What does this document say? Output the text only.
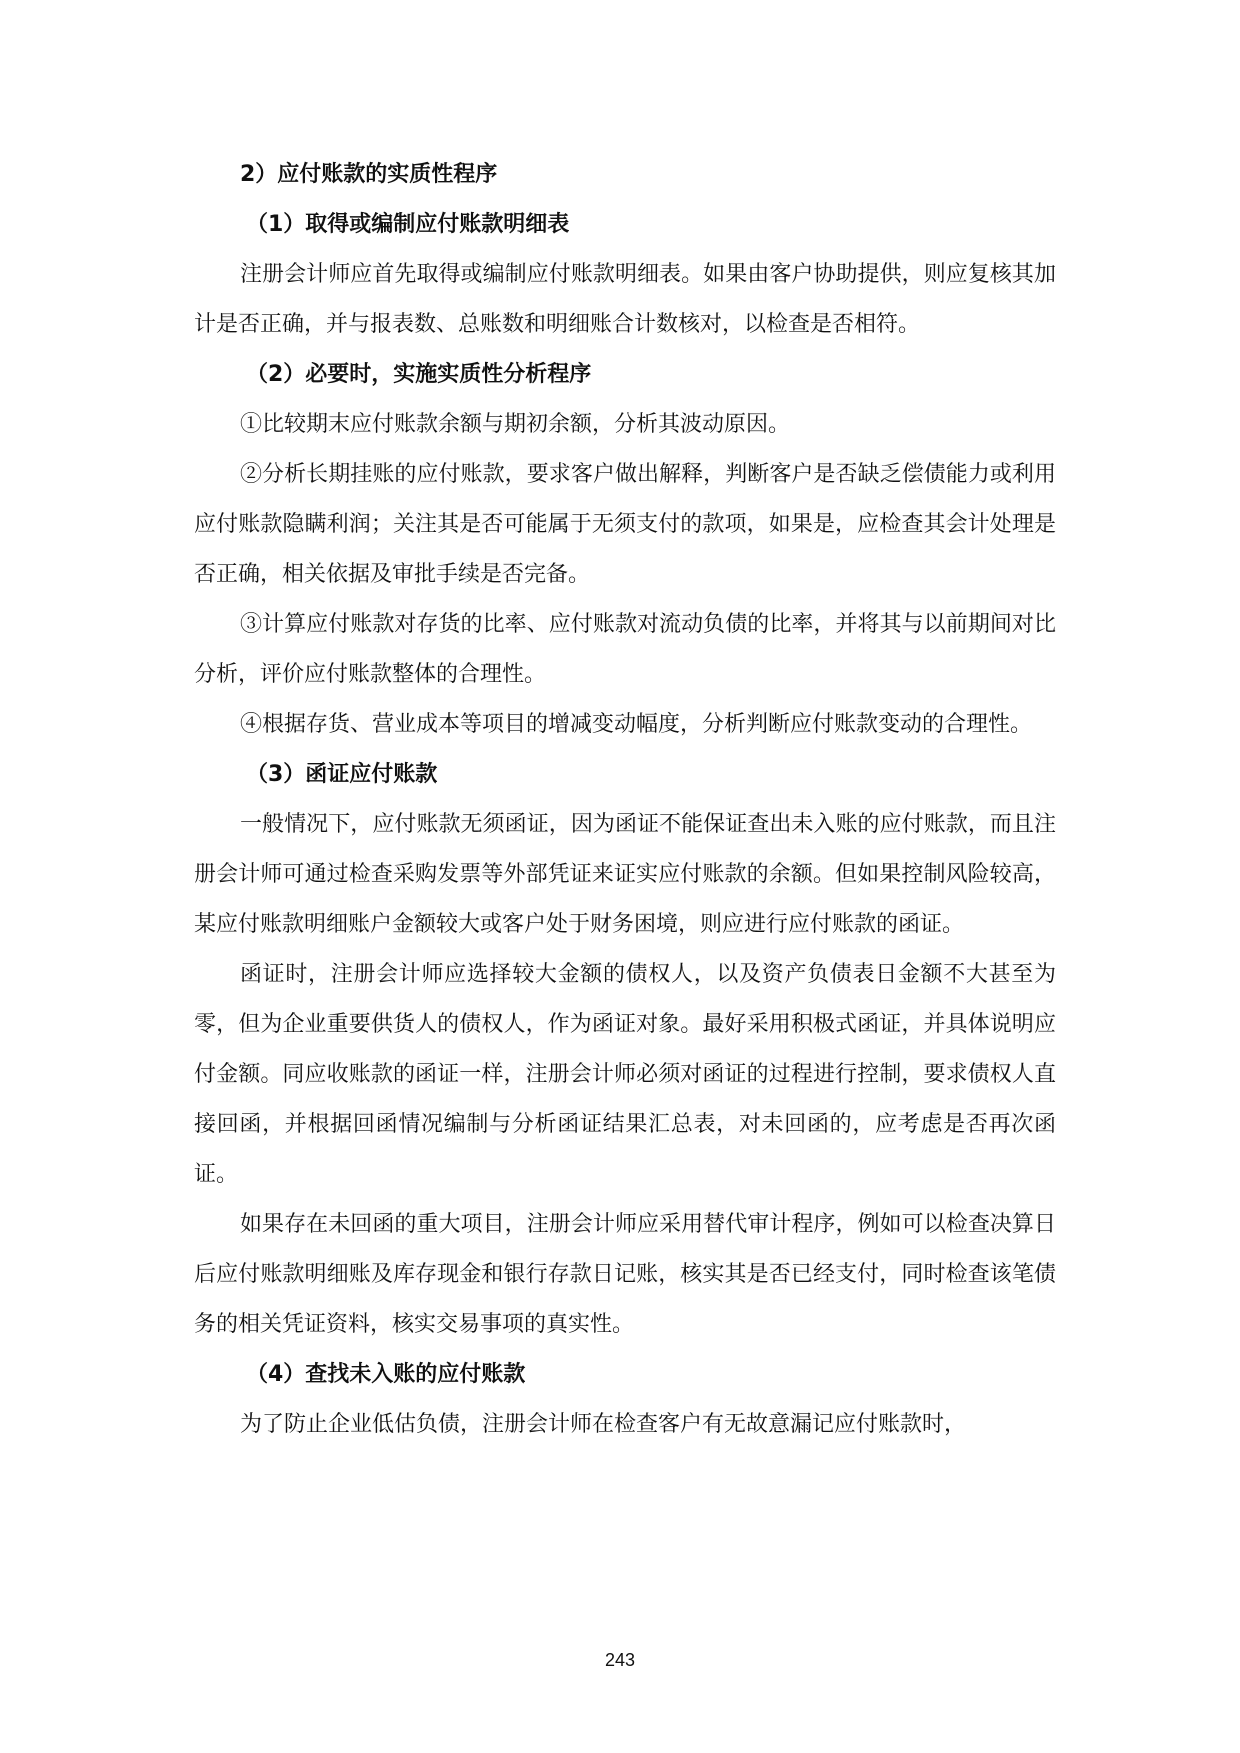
2）应付账款的实质性程序

（1）取得或编制应付账款明细表

注册会计师应首先取得或编制应付账款明细表。如果由客户协助提供，则应复核其加计是否正确，并与报表数、总账数和明细账合计数核对，以检查是否相符。

（2）必要时，实施实质性分析程序

①比较期末应付账款余额与期初余额，分析其波动原因。

②分析长期挂账的应付账款，要求客户做出解释，判断客户是否缺乏偿债能力或利用应付账款隐瞒利润；关注其是否可能属于无须支付的款项，如果是，应检查其会计处理是否正确，相关依据及审批手续是否完备。

③计算应付账款对存货的比率、应付账款对流动负债的比率，并将其与以前期间对比分析，评价应付账款整体的合理性。

④根据存货、营业成本等项目的增减变动幅度，分析判断应付账款变动的合理性。

（3）函证应付账款

一般情况下，应付账款无须函证，因为函证不能保证查出未入账的应付账款，而且注册会计师可通过检查采购发票等外部凭证来证实应付账款的余额。但如果控制风险较高，某应付账款明细账户金额较大或客户处于财务困境，则应进行应付账款的函证。

函证时，注册会计师应选择较大金额的债权人，以及资产负债表日金额不大甚至为零，但为企业重要供货人的债权人，作为函证对象。最好采用积极式函证，并具体说明应付金额。同应收账款的函证一样，注册会计师必须对函证的过程进行控制，要求债权人直接回函，并根据回函情况编制与分析函证结果汇总表，对未回函的，应考虑是否再次函证。

如果存在未回函的重大项目，注册会计师应采用替代审计程序，例如可以检查决算日后应付账款明细账及库存现金和银行存款日记账，核实其是否已经支付，同时检查该笔债务的相关凭证资料，核实交易事项的真实性。

（4）查找未入账的应付账款

为了防止企业低估负债，注册会计师在检查客户有无故意漏记应付账款时，

243
